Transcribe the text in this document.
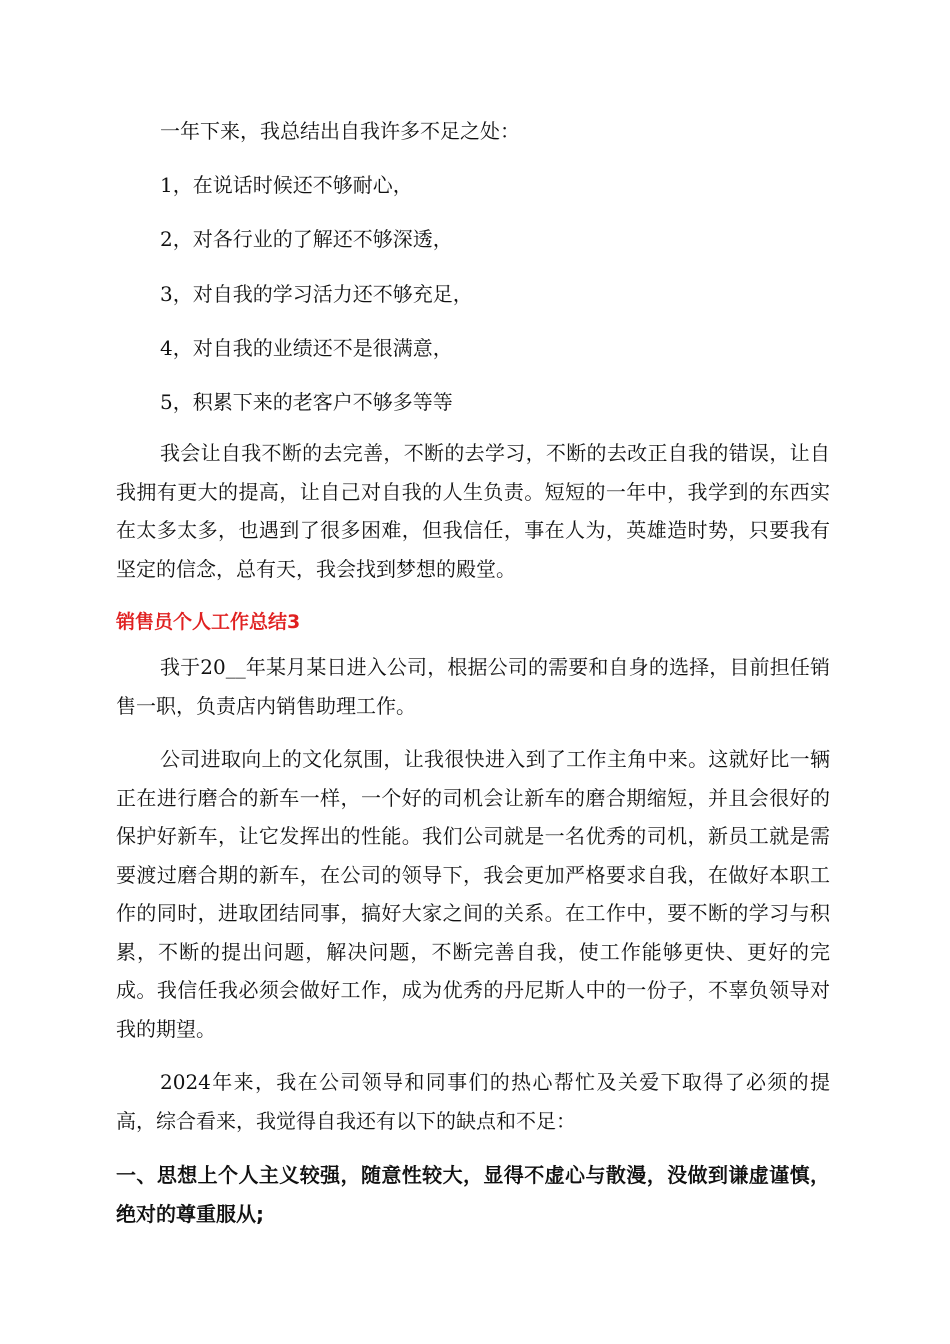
一年下来，我总结出自我许多不足之处：
1，在说话时候还不够耐心，
2，对各行业的了解还不够深透，
3，对自我的学习活力还不够充足，
4，对自我的业绩还不是很满意，
5，积累下来的老客户不够多等等

我会让自我不断的去完善，不断的去学习，不断的去改正自我的错误，让自我拥有更大的提高，让自己对自我的人生负责。短短的一年中，我学到的东西实在太多太多，也遇到了很多困难，但我信任，事在人为，英雄造时势，只要我有坚定的信念，总有天，我会找到梦想的殿堂。

销售员个人工作总结3

我于20__年某月某日进入公司，根据公司的需要和自身的选择，目前担任销售一职，负责店内销售助理工作。

公司进取向上的文化氛围，让我很快进入到了工作主角中来。这就好比一辆正在进行磨合的新车一样，一个好的司机会让新车的磨合期缩短，并且会很好的保护好新车，让它发挥出的性能。我们公司就是一名优秀的司机，新员工就是需要渡过磨合期的新车，在公司的领导下，我会更加严格要求自我，在做好本职工作的同时，进取团结同事，搞好大家之间的关系。在工作中，要不断的学习与积累，不断的提出问题，解决问题，不断完善自我，使工作能够更快、更好的完成。我信任我必须会做好工作，成为优秀的丹尼斯人中的一份子，不辜负领导对我的期望。

2024年来，我在公司领导和同事们的热心帮忙及关爱下取得了必须的提高，综合看来，我觉得自我还有以下的缺点和不足：

一、思想上个人主义较强，随意性较大，显得不虚心与散漫，没做到谦虚谨慎，绝对的尊重服从;
